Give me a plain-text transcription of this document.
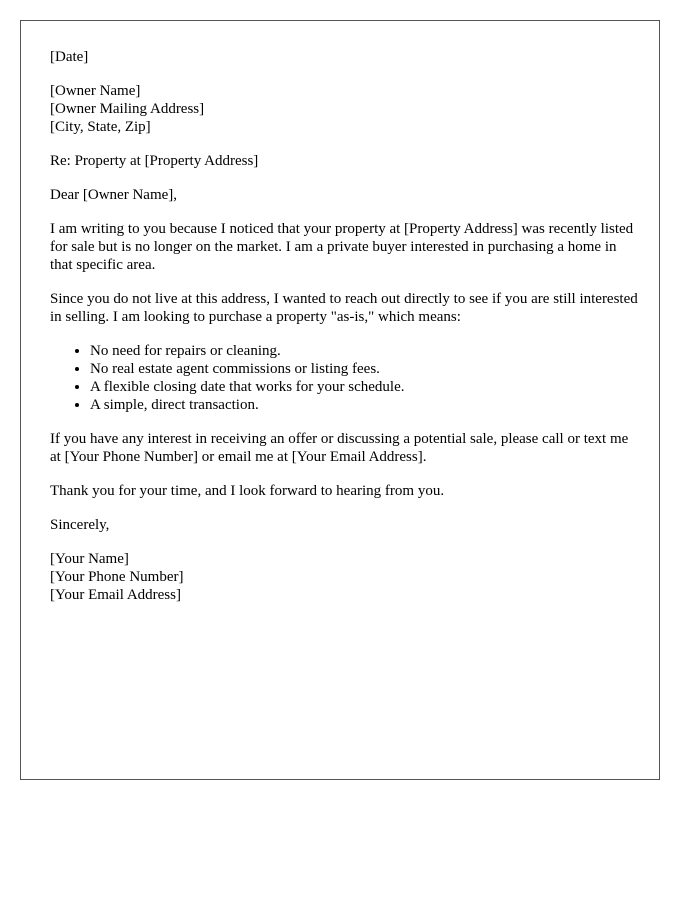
[Date]
[Owner Name]
[Owner Mailing Address]
[City, State, Zip]
Re: Property at [Property Address]
Dear [Owner Name],

I am writing to you because I noticed that your property at [Property Address] was recently listed for sale but is no longer on the market. I am a private buyer interested in purchasing a home in that specific area.

Since you do not live at this address, I wanted to reach out directly to see if you are still interested in selling. I am looking to purchase a property "as-is," which means:

• No need for repairs or cleaning.
• No real estate agent commissions or listing fees.
• A flexible closing date that works for your schedule.
• A simple, direct transaction.

If you have any interest in receiving an offer or discussing a potential sale, please call or text me at [Your Phone Number] or email me at [Your Email Address].

Thank you for your time, and I look forward to hearing from you.

Sincerely,
[Your Name]
[Your Phone Number]
[Your Email Address]
